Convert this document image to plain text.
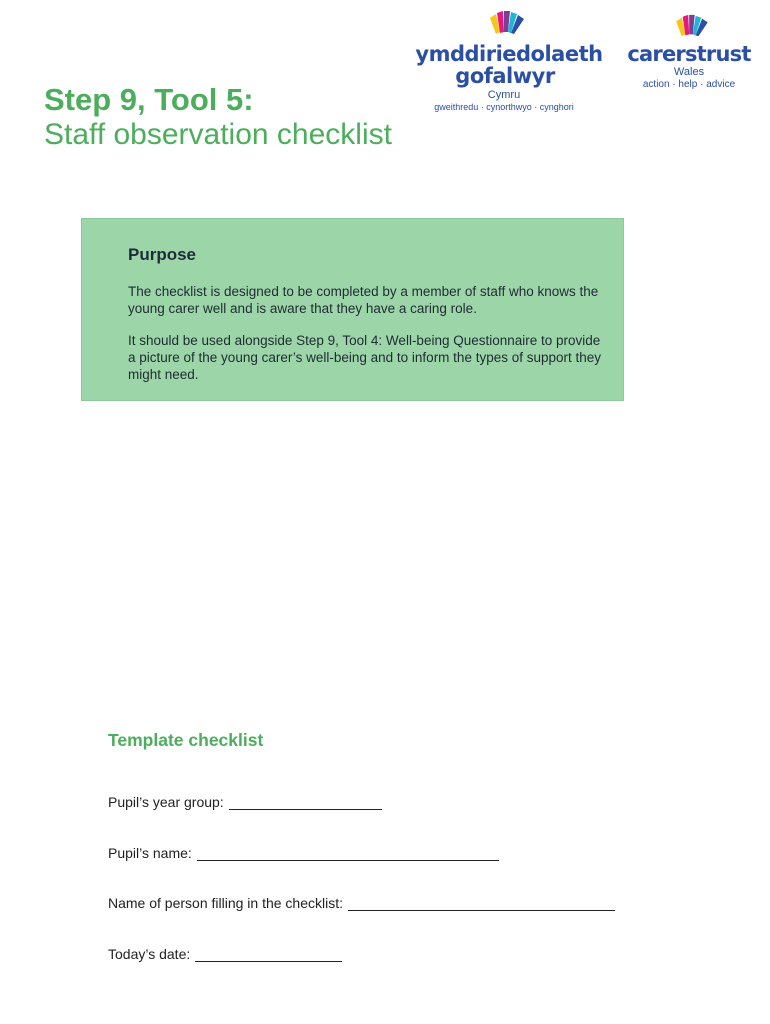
ymddiriedolaeth
gofalwyr
Cymru
gweithredu · cynorthwyo · cynghori
carerstrust
Wales
action · help · advice
Step 9, Tool 5:
Staff observation checklist
Purpose
The checklist is designed to be completed by a member of staff who knows the young carer well and is aware that they have a caring role.
It should be used alongside Step 9, Tool 4: Well-being Questionnaire to provide a picture of the young carer’s well-being and to inform the types of support they might need.
Template checklist
Pupil’s year group:
Pupil’s name:
Name of person filling in the checklist:
Today’s date:
